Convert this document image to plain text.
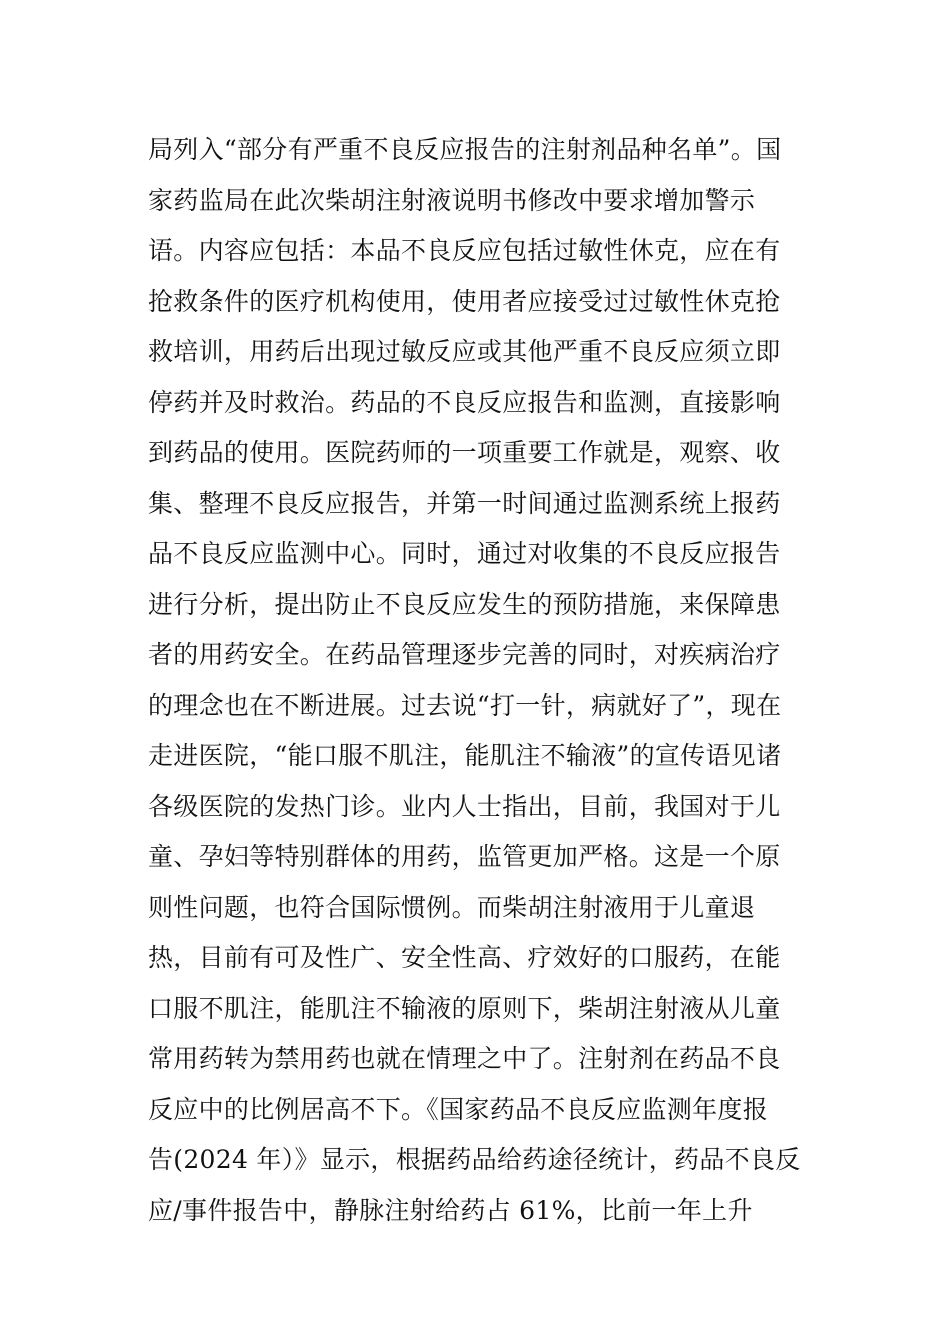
局列入“部分有严重不良反应报告的注射剂品种名单”。国
家药监局在此次柴胡注射液说明书修改中要求增加警示
语。内容应包括：本品不良反应包括过敏性休克，应在有
抢救条件的医疗机构使用，使用者应接受过过敏性休克抢
救培训，用药后出现过敏反应或其他严重不良反应须立即
停药并及时救治。药品的不良反应报告和监测，直接影响
到药品的使用。医院药师的一项重要工作就是，观察、收
集、整理不良反应报告，并第一时间通过监测系统上报药
品不良反应监测中心。同时，通过对收集的不良反应报告
进行分析，提出防止不良反应发生的预防措施，来保障患
者的用药安全。在药品管理逐步完善的同时，对疾病治疗
的理念也在不断进展。过去说“打一针，病就好了”，现在
走进医院，“能口服不肌注，能肌注不输液”的宣传语见诸
各级医院的发热门诊。业内人士指出，目前，我国对于儿
童、孕妇等特别群体的用药，监管更加严格。这是一个原
则性问题，也符合国际惯例。而柴胡注射液用于儿童退
热，目前有可及性广、安全性高、疗效好的口服药，在能
口服不肌注，能肌注不输液的原则下，柴胡注射液从儿童
常用药转为禁用药也就在情理之中了。注射剂在药品不良
反应中的比例居高不下。《国家药品不良反应监测年度报
告(2024 年）》显示，根据药品给药途径统计，药品不良反
应/事件报告中，静脉注射给药占 61%，比前一年上升
